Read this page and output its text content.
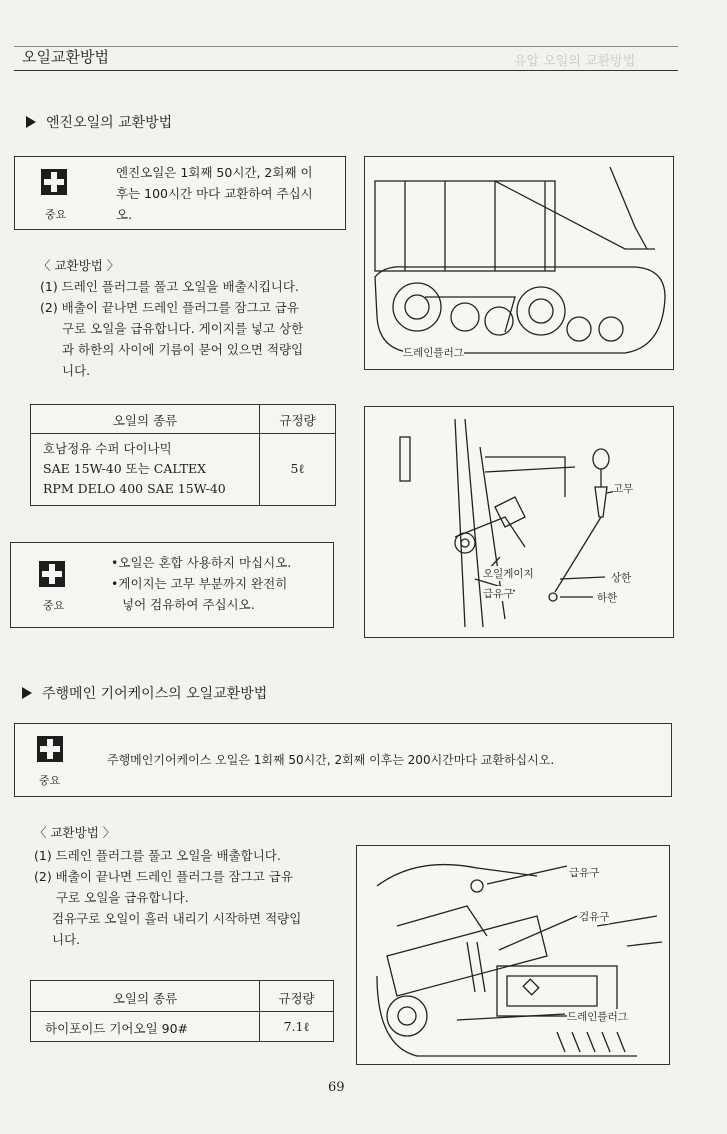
유압 오일의 교환방법
오일교환방법
엔진오일의 교환방법
중요
엔진오일은 1회째 50시간, 2회째 이
후는 100시간 마다 교환하여 주십시
오.
〈 교환방법 〉
(1) 드레인 플러그를 풀고 오일을 배출시킵니다.
(2) 배출이 끝나면 드레인 플러그를 잠그고 급유
구로 오일을 급유합니다. 게이지를 넣고 상한
과 하한의 사이에 기름이 묻어 있으면 적량입
니다.
오일의 종류	규정량
호남정유 수퍼 다이나믹
SAE 15W-40 또는 CALTEX
RPM DELO 400 SAE 15W-40
5ℓ
중요
•오일은 혼합 사용하지 마십시오.
•게이지는 고무 부분까지 완전히
넣어 검유하여 주십시오.
드레인플러그
고무
오일게이지	상한
급유구	하한
주행메인 기어케이스의 오일교환방법
중요
주행메인기어케이스 오일은 1회째 50시간, 2회째 이후는 200시간마다 교환하십시오.
〈 교환방법 〉
(1) 드레인 플러그를 풀고 오일을 배출합니다.
(2) 배출이 끝나면 드레인 플러그를 잠그고 급유
구로 오일을 급유합니다.
검유구로 오일이 흘러 내리기 시작하면 적량입
니다.
오일의 종류	규정량
하이포이드 기어오일 90#	7.1ℓ
급유구
검유구
드레인플러그
69
